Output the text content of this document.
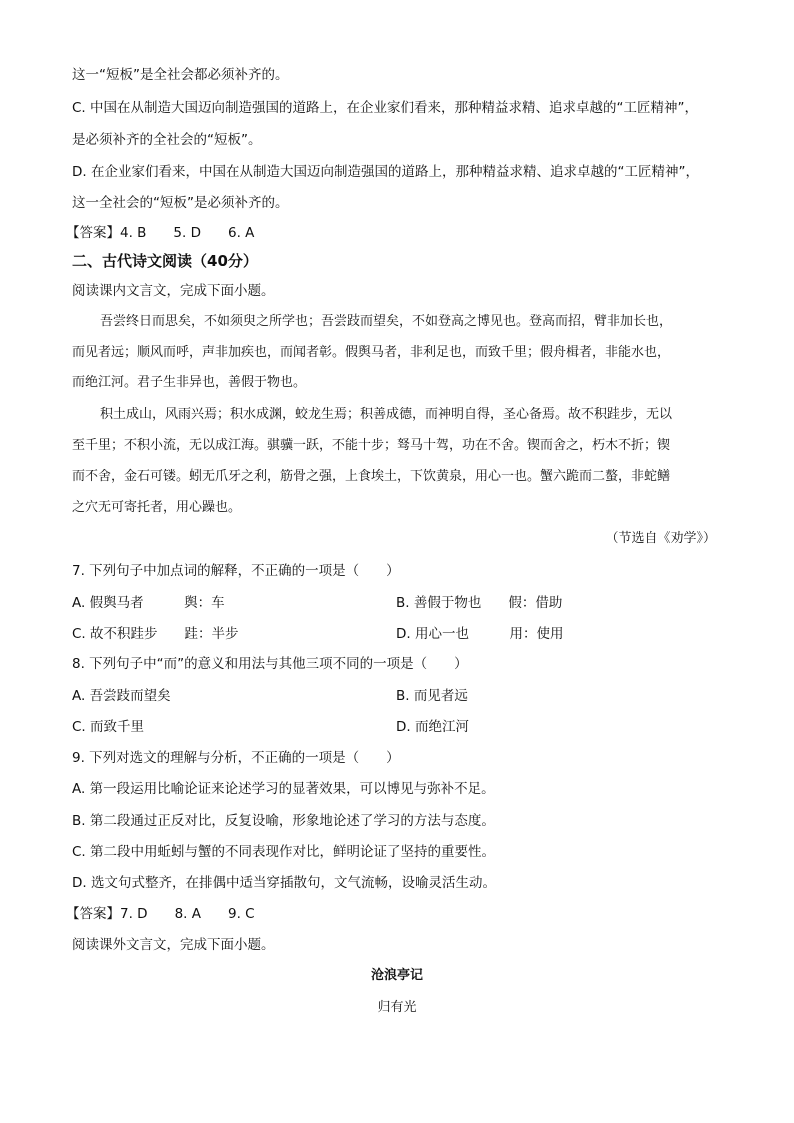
这一“短板”是全社会都必须补齐的。
C. 中国在从制造大国迈向制造强国的道路上，在企业家们看来，那种精益求精、追求卓越的“工匠精神”，
是必须补齐的全社会的“短板”。
D. 在企业家们看来，中国在从制造大国迈向制造强国的道路上，那种精益求精、追求卓越的“工匠精神”，
这一全社会的“短板”是必须补齐的。
【答案】4. B　　5. D　　6. A
二、古代诗文阅读（40分）
阅读课内文言文，完成下面小题。
吾尝终日而思矣，不如须臾之所学也；吾尝跂而望矣，不如登高之博见也。登高而招，臂非加长也，
而见者远；顺风而呼，声非加疾也，而闻者彰。假舆马者，非利足也，而致千里；假舟楫者，非能水也，
而绝江河。君子生非异也，善假于物也。
积土成山，风雨兴焉；积水成渊，蛟龙生焉；积善成德，而神明自得，圣心备焉。故不积跬步，无以
至千里；不积小流，无以成江海。骐骥一跃，不能十步；驽马十驾，功在不舍。锲而舍之，朽木不折；锲
而不舍，金石可镂。蚓无爪牙之利，筋骨之强，上食埃土，下饮黄泉，用心一也。蟹六跪而二螯，非蛇鳝
之穴无可寄托者，用心躁也。
（节选自《劝学》）
7. 下列句子中加点词的解释，不正确的一项是（　　）
A. 假舆马者　　　舆：车	B. 善假于物也　　假：借助
C. 故不积跬步　　跬：半步	D. 用心一也　　　用：使用
8. 下列句子中“而”的意义和用法与其他三项不同的一项是（　　）
A. 吾尝跂而望矣	B. 而见者远
C. 而致千里	D. 而绝江河
9. 下列对选文的理解与分析，不正确的一项是（　　）
A. 第一段运用比喻论证来论述学习的显著效果，可以博见与弥补不足。
B. 第二段通过正反对比，反复设喻，形象地论述了学习的方法与态度。
C. 第二段中用蚯蚓与蟹的不同表现作对比，鲜明论证了坚持的重要性。
D. 选文句式整齐，在排偶中适当穿插散句，文气流畅，设喻灵活生动。
【答案】7. D　　8. A　　9. C
阅读课外文言文，完成下面小题。
沧浪亭记
归有光
